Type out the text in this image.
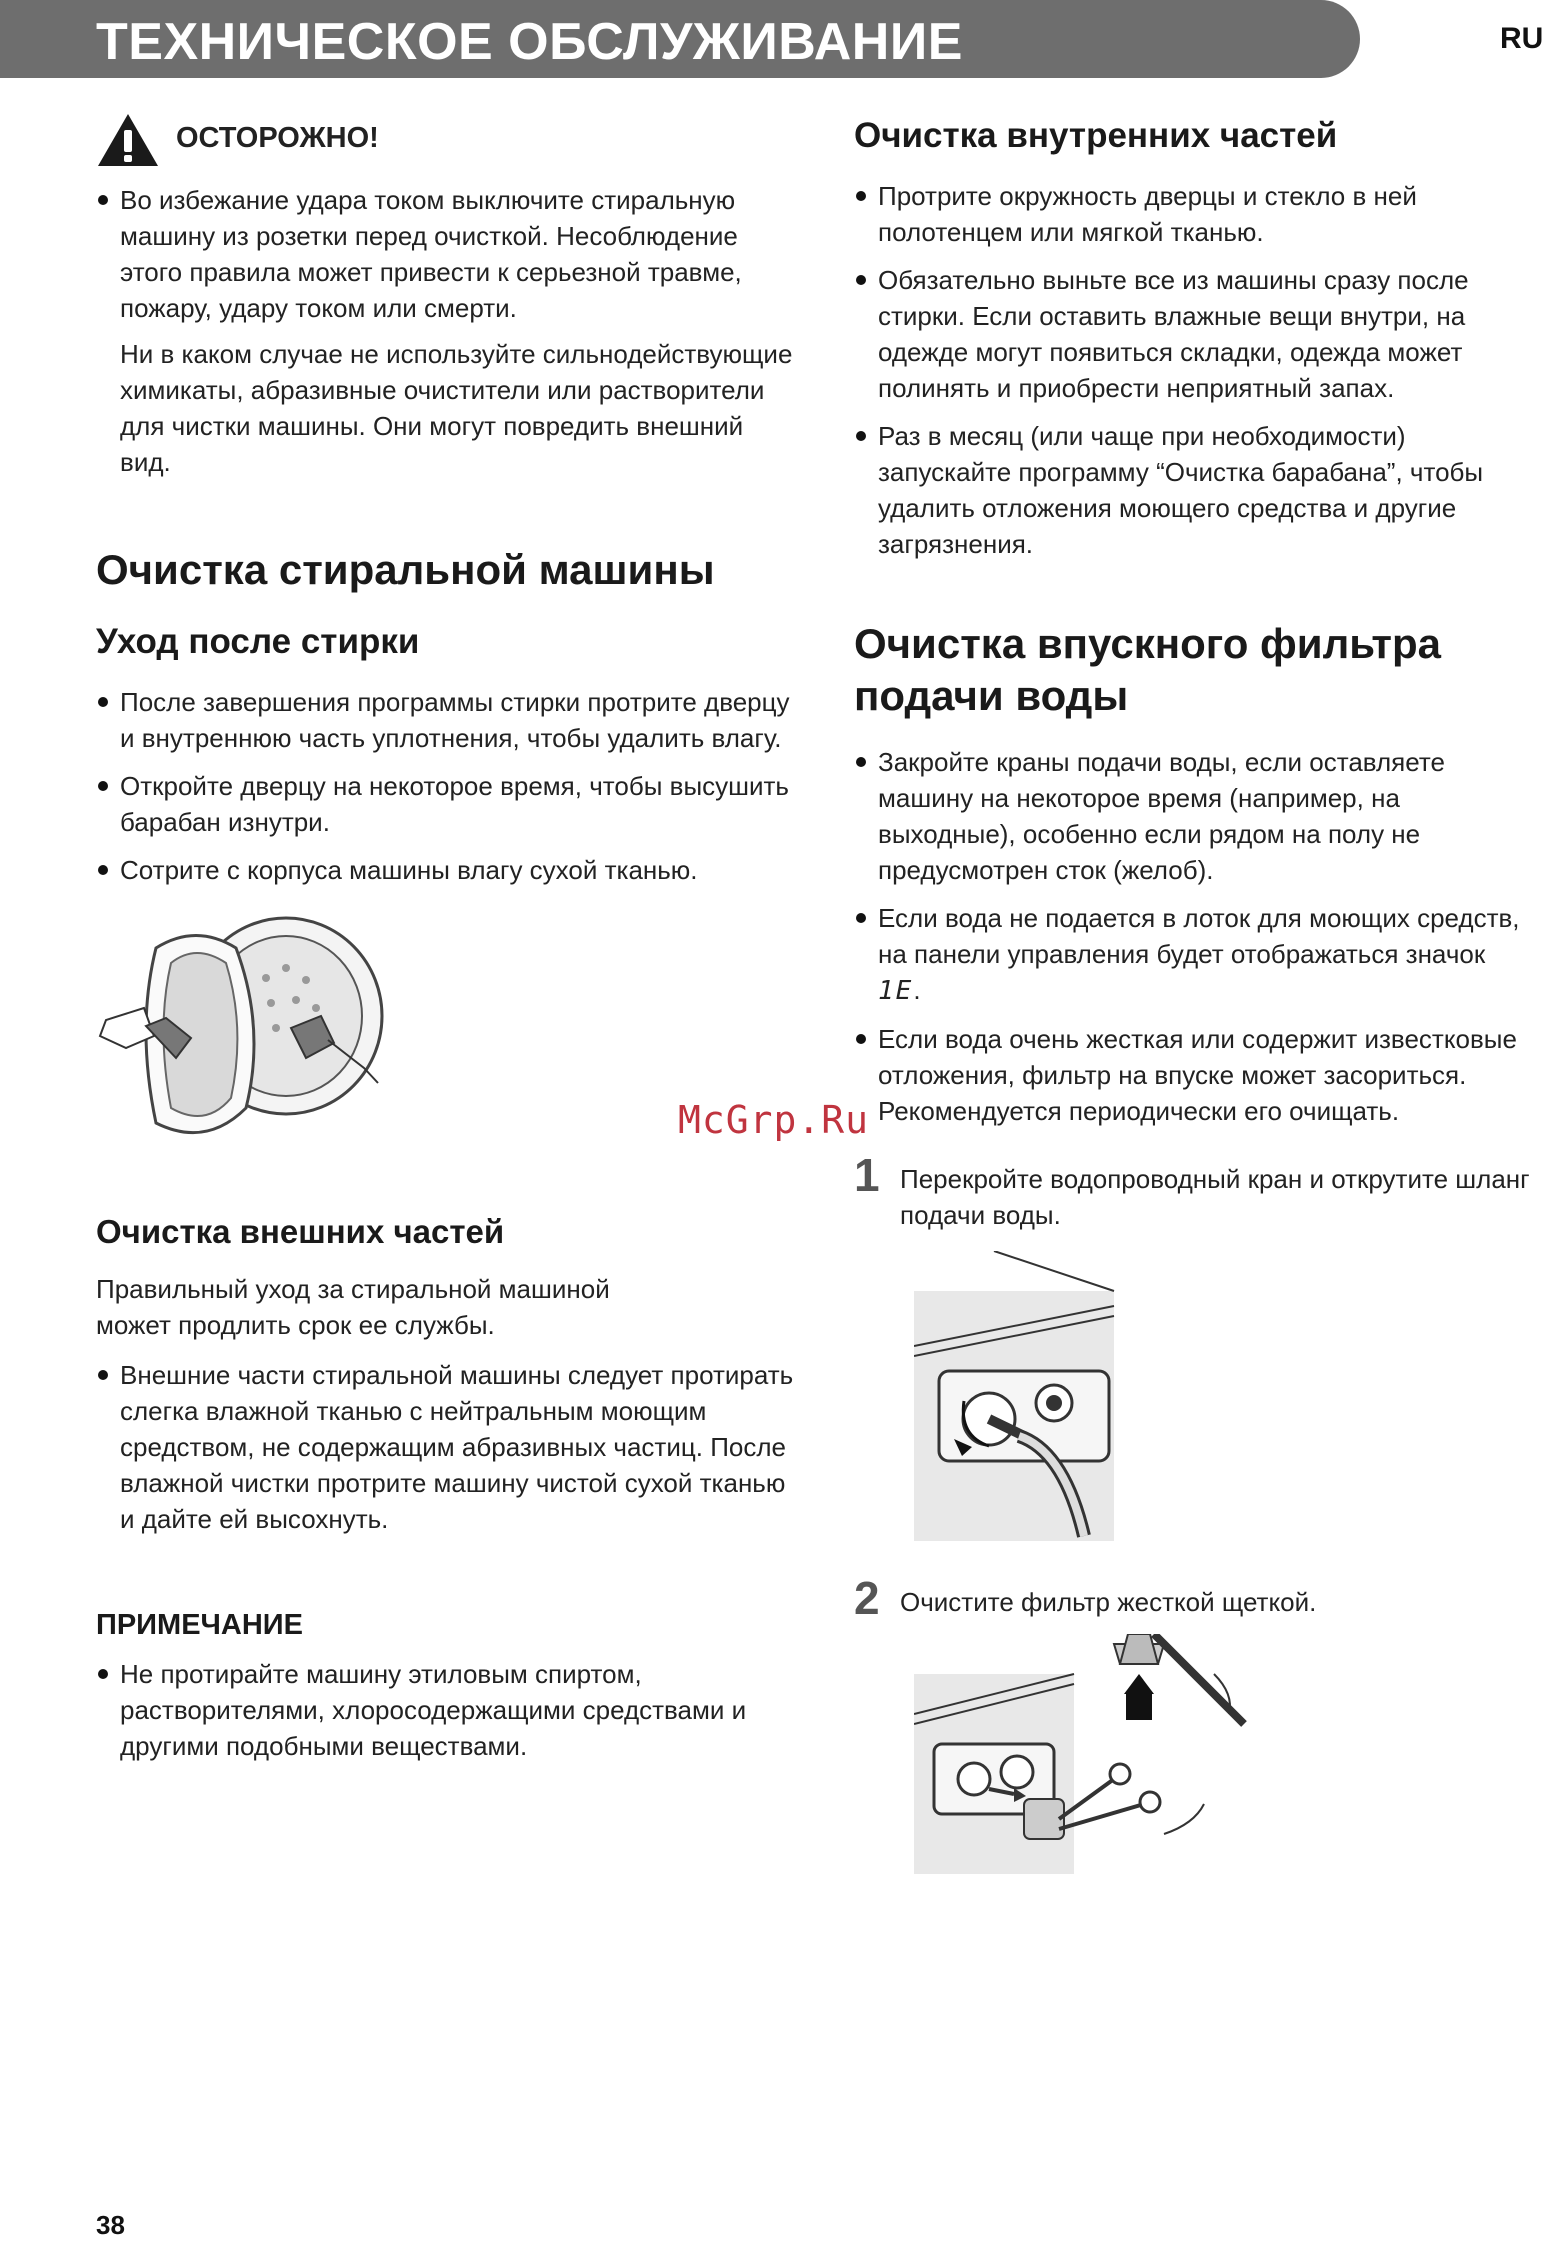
ТЕХНИЧЕСКОЕ ОБСЛУЖИВАНИЕ	RU
ОСТОРОЖНО!
Во избежание удара током выключите стиральную машину из розетки перед очисткой. Несоблюдение этого правила может привести к серьезной травме, пожару, удару током или смерти.
Ни в каком случае не используйте сильнодействующие химикаты, абразивные очистители или растворители для чистки машины. Они могут повредить внешний вид.
Очистка стиральной машины
Уход после стирки
После завершения программы стирки протрите дверцу и внутреннюю часть уплотнения, чтобы удалить влагу.
Откройте дверцу на некоторое время, чтобы высушить барабан изнутри.
Сотрите с корпуса машины влагу сухой тканью.
Очистка внешних частей
Правильный уход за стиральной машиной может продлить срок ее службы.
Внешние части стиральной машины следует протирать слегка влажной тканью с нейтральным моющим средством, не содержащим абразивных частиц. После влажной чистки протрите машину чистой сухой тканью и дайте ей высохнуть.
ПРИМЕЧАНИЕ
Не протирайте машину этиловым спиртом, растворителями, хлоросодержащими средствами и другими подобными веществами.
Очистка внутренних частей
Протрите окружность дверцы и стекло в ней полотенцем или мягкой тканью.
Обязательно выньте все из машины сразу после стирки. Если оставить влажные вещи внутри, на одежде могут появиться складки, одежда может полинять и приобрести неприятный запах.
Раз в месяц (или чаще при необходимости) запускайте программу “Очистка барабана”, чтобы удалить отложения моющего средства и другие загрязнения.
Очистка впускного фильтра
подачи воды
Закройте краны подачи воды, если оставляете машину на некоторое время (например, на выходные), особенно если рядом на полу не предусмотрен сток (желоб).
Если вода не подается в лоток для моющих средств, на панели управления будет отображаться значок 1E.
Если вода очень жесткая или содержит известковые отложения, фильтр на впуске может засориться. Рекомендуется периодически его очищать.
1 Перекройте водопроводный кран и открутите шланг подачи воды.
2 Очистите фильтр жесткой щеткой.
McGrp.Ru
38
